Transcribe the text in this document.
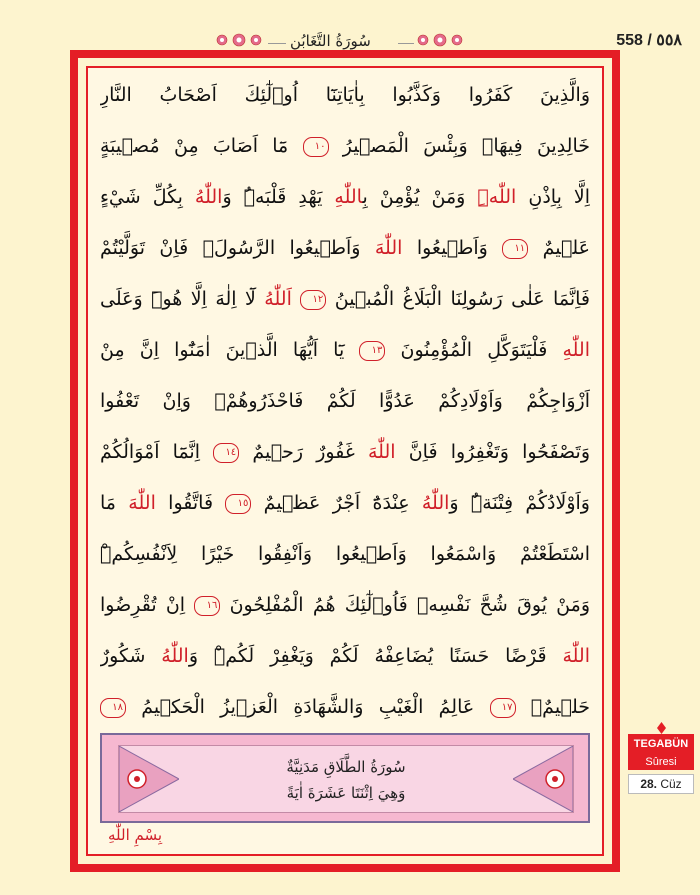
سُورَةُ التَّغَابُنِ	558 / ٥٥٨
وَالَّذِينَ كَفَرُوا وَكَذَّبُوا بِاٰيَاتِنَٓا اُو۬لٰٓئِكَ اَصْحَابُ النَّارِ
خَالِدِينَ فِيهَاۜ وَبِئْسَ الْمَص۪يرُ ١٠ مَٓا اَصَابَ مِنْ مُص۪يبَةٍ
اِلَّا بِاِذْنِ اللّٰهِۜ وَمَنْ يُؤْمِنْ بِاللّٰهِ يَهْدِ قَلْبَهُۜ وَاللّٰهُ بِكُلِّ شَيْءٍ
عَل۪يمٌ ١١ وَاَط۪يعُوا اللّٰهَ وَاَط۪يعُوا الرَّسُولَۚ فَاِنْ تَوَلَّيْتُمْ
فَاِنَّمَا عَلٰى رَسُولِنَا الْبَلَاغُ الْمُب۪ينُ ١٢ اَللّٰهُ لَٓا اِلٰهَ اِلَّا هُوَۜ وَعَلَى
اللّٰهِ فَلْيَتَوَكَّلِ الْمُؤْمِنُونَ ١٣ يَٓا اَيُّهَا الَّذ۪ينَ اٰمَنُٓوا اِنَّ مِنْ
اَزْوَاجِكُمْ وَاَوْلَادِكُمْ عَدُوًّا لَكُمْ فَاحْذَرُوهُمْۚ وَاِنْ تَعْفُوا
وَتَصْفَحُوا وَتَغْفِرُوا فَاِنَّ اللّٰهَ غَفُورٌ رَح۪يمٌ ١٤ اِنَّمَٓا اَمْوَالُكُمْ
وَاَوْلَادُكُمْ فِتْنَةٌۜ وَاللّٰهُ عِنْدَهُٓ اَجْرٌ عَظ۪يمٌ ١٥ فَاتَّقُوا اللّٰهَ مَا
اسْتَطَعْتُمْ وَاسْمَعُوا وَاَط۪يعُوا وَاَنْفِقُوا خَيْرًا لِاَنْفُسِكُمْۜ
وَمَنْ يُوقَ شُحَّ نَفْسِه۪ فَاُو۬لٰٓئِكَ هُمُ الْمُفْلِحُونَ ١٦ اِنْ تُقْرِضُوا
اللّٰهَ قَرْضًا حَسَنًا يُضَاعِفْهُ لَكُمْ وَيَغْفِرْ لَكُمْۜ وَاللّٰهُ شَكُورٌ
حَل۪يمٌۙ ١٧ عَالِمُ الْغَيْبِ وَالشَّهَادَةِ الْعَز۪يزُ الْحَك۪يمُ ١٨
سُورَةُ الطَّلَاقِ مَدَنِيَّةٌ
وَهِيَ اِثْنَتَا عَشَرَةَ اٰيَةً
بِسْمِ اللّٰهِ
TEGABÜN
Sûresi
28. Cüz
